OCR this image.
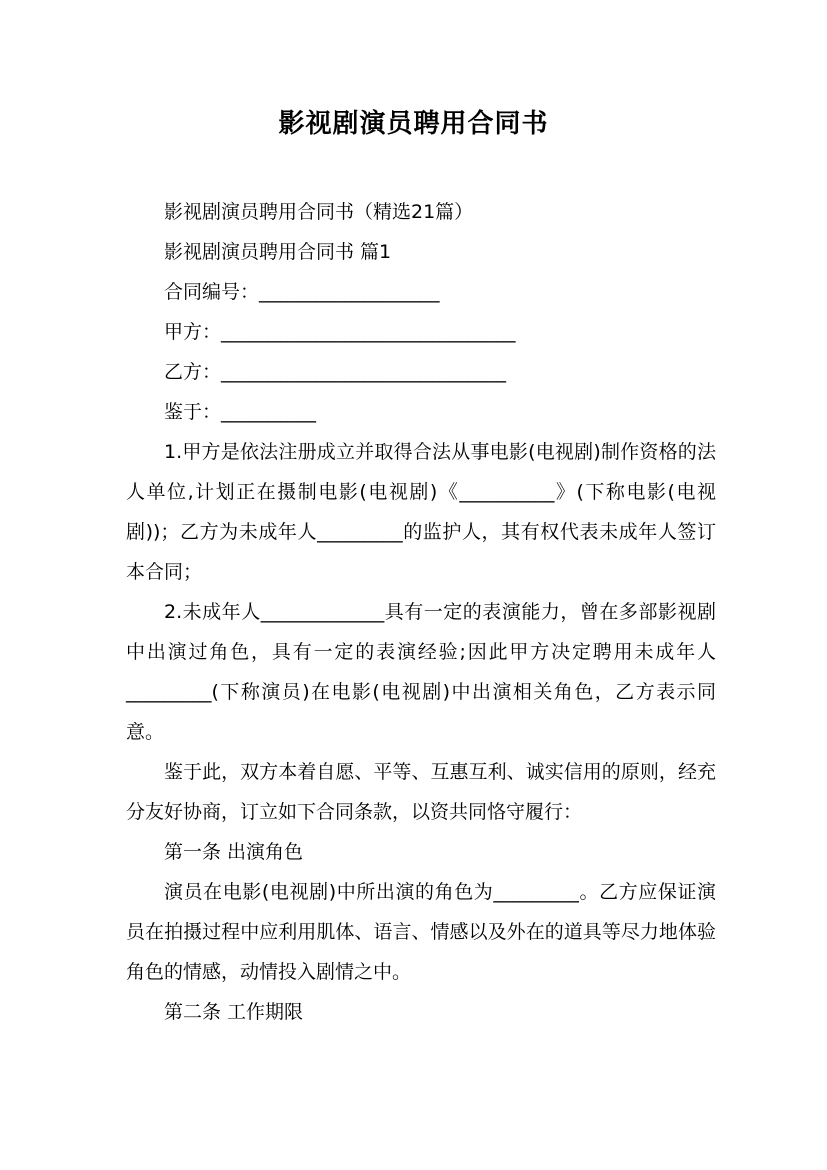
影视剧演员聘用合同书

影视剧演员聘用合同书（精选21篇）

影视剧演员聘用合同书 篇1

合同编号：___________________

甲方：_______________________________

乙方：______________________________

鉴于：__________

1.甲方是依法注册成立并取得合法从事电影(电视剧)制作资格的法人单位,计划正在摄制电影(电视剧)《__________》(下称电影(电视剧))；乙方为未成年人_________的监护人，其有权代表未成年人签订本合同；

2.未成年人_____________具有一定的表演能力，曾在多部影视剧中出演过角色，具有一定的表演经验;因此甲方决定聘用未成年人_________(下称演员)在电影(电视剧)中出演相关角色，乙方表示同意。

鉴于此，双方本着自愿、平等、互惠互利、诚实信用的原则，经充分友好协商，订立如下合同条款，以资共同恪守履行：

第一条 出演角色

演员在电影(电视剧)中所出演的角色为_________。乙方应保证演员在拍摄过程中应利用肌体、语言、情感以及外在的道具等尽力地体验角色的情感，动情投入剧情之中。

第二条 工作期限
